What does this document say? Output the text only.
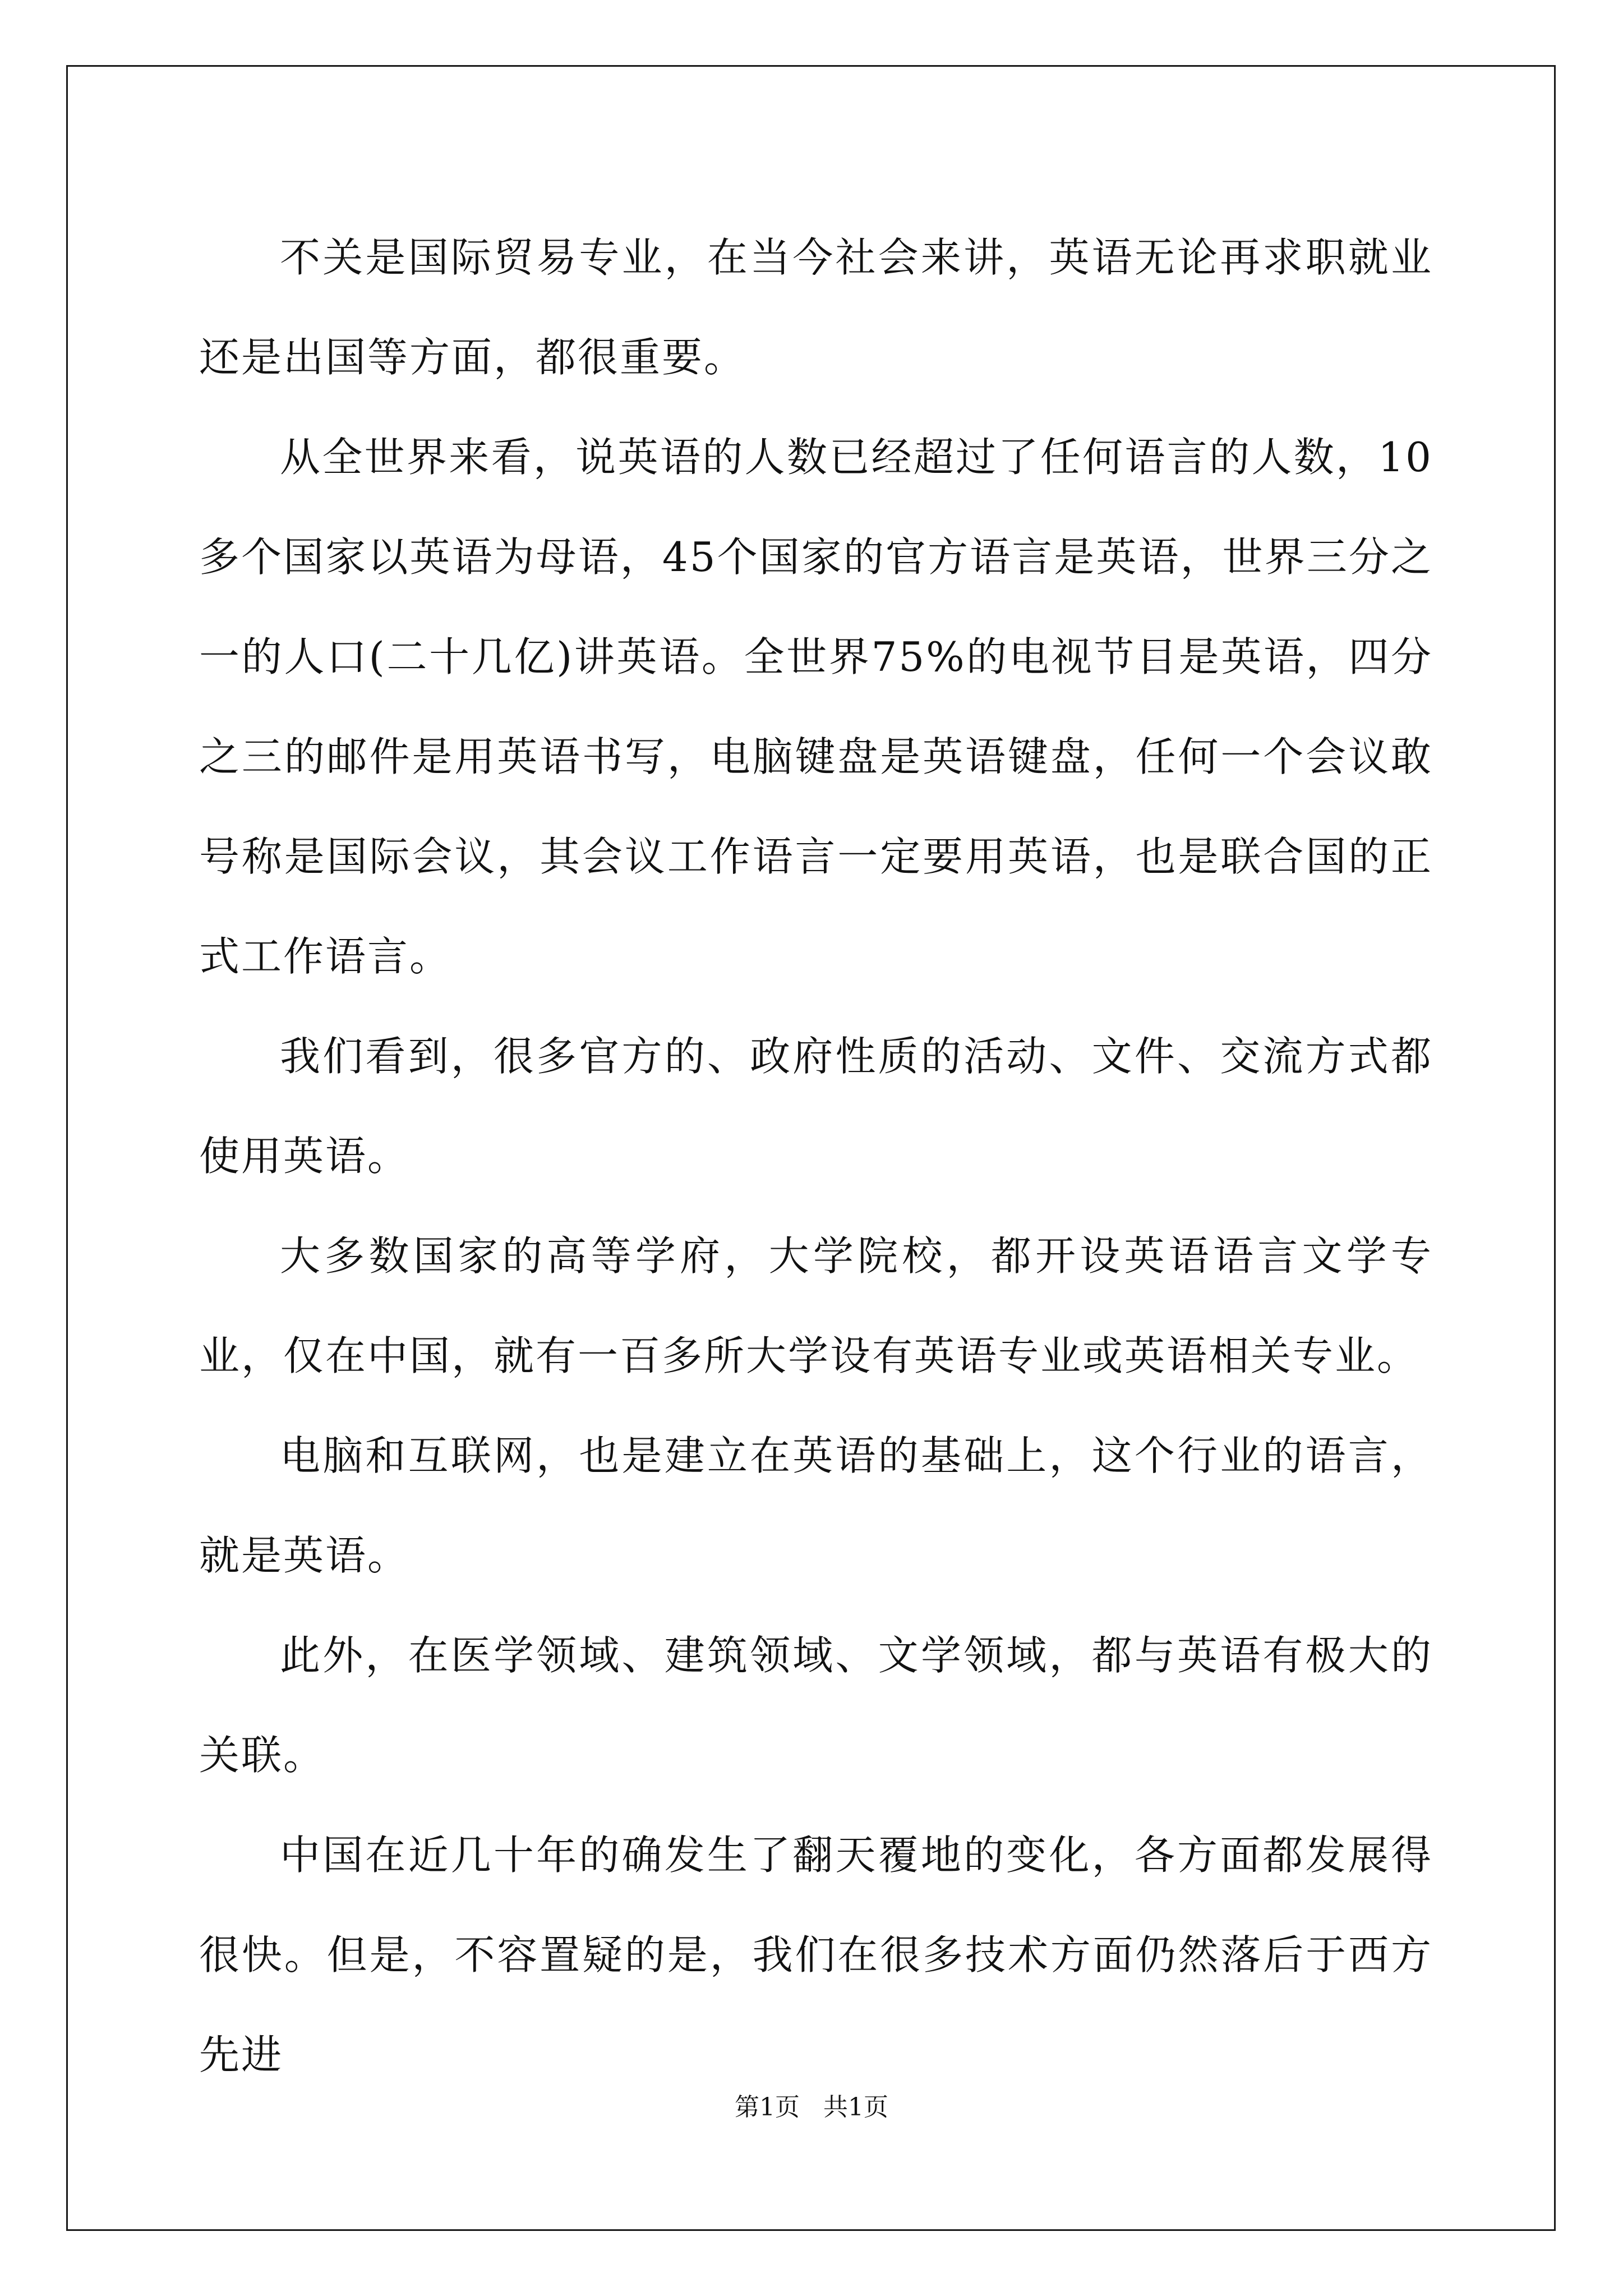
不关是国际贸易专业，在当今社会来讲，英语无论再求职就业还是出国等方面，都很重要。

从全世界来看，说英语的人数已经超过了任何语言的人数，10多个国家以英语为母语，45个国家的官方语言是英语，世界三分之一的人口(二十几亿)讲英语。全世界75%的电视节目是英语，四分之三的邮件是用英语书写，电脑键盘是英语键盘，任何一个会议敢号称是国际会议，其会议工作语言一定要用英语，也是联合国的正式工作语言。

我们看到，很多官方的、政府性质的活动、文件、交流方式都使用英语。

大多数国家的高等学府，大学院校，都开设英语语言文学专业，仅在中国，就有一百多所大学设有英语专业或英语相关专业。

电脑和互联网，也是建立在英语的基础上，这个行业的语言，就是英语。

此外，在医学领域、建筑领域、文学领域，都与英语有极大的关联。

中国在近几十年的确发生了翻天覆地的变化，各方面都发展得很快。但是，不容置疑的是，我们在很多技术方面仍然落后于西方先进

第1页 共1页
